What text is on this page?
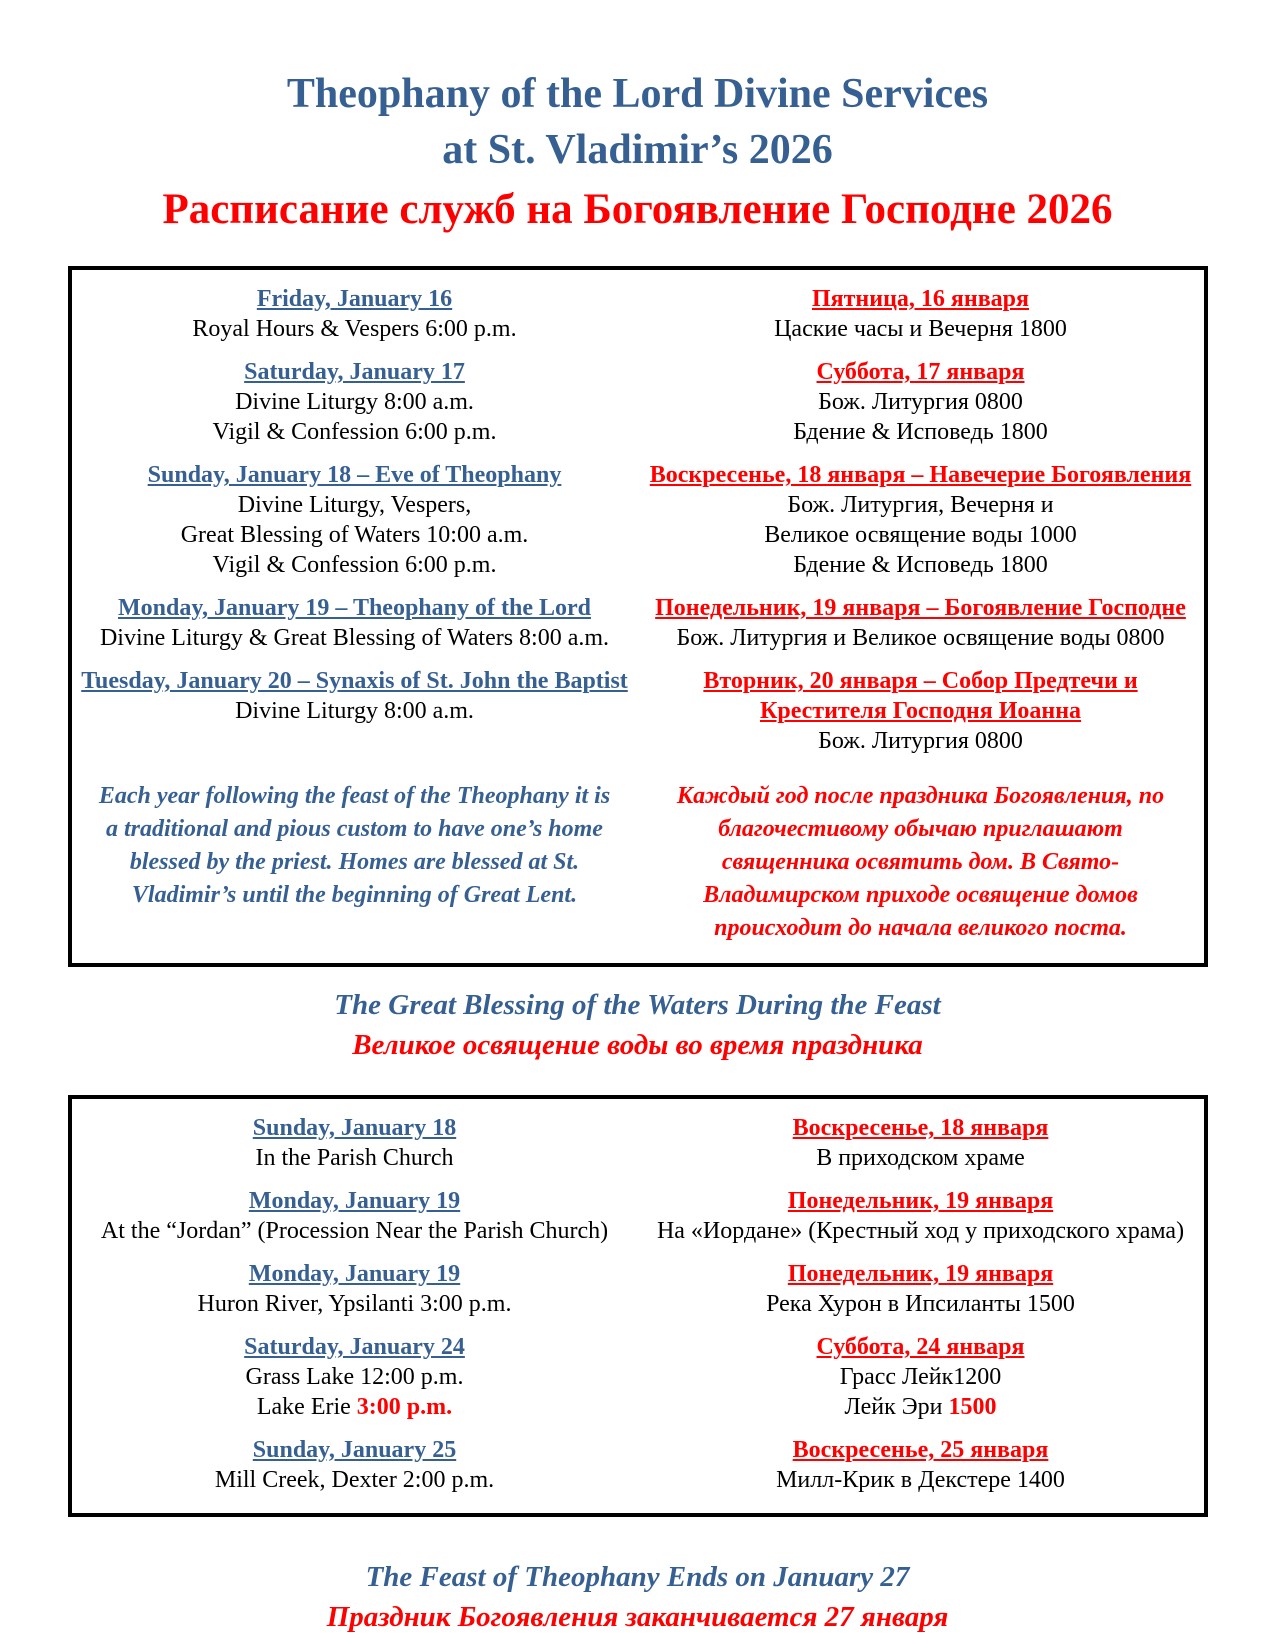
Theophany of the Lord Divine Services
at St. Vladimir’s 2026
Расписание служб на Богоявление Господне 2026
Friday, January 16
Royal Hours & Vespers 6:00 p.m.
Пятница, 16 января
Цаские часы и Вечерня 1800
Saturday, January 17
Divine Liturgy 8:00 a.m.
Vigil & Confession 6:00 p.m.
Суббота, 17 января
Бож. Литургия 0800
Бдение & Исповедь 1800
Sunday, January 18 – Eve of Theophany
Divine Liturgy, Vespers,
Great Blessing of Waters 10:00 a.m.
Vigil & Confession 6:00 p.m.
Воскресенье, 18 января – Навечерие Богоявления
Бож. Литургия, Вечерня и
Великое освящение воды 1000
Бдение & Исповедь 1800
Monday, January 19 – Theophany of the Lord
Divine Liturgy & Great Blessing of Waters 8:00 a.m.
Понедельник, 19 января – Богоявление Господне
Бож. Литургия и Великое освящение воды 0800
Tuesday, January 20 – Synaxis of St. John the Baptist
Divine Liturgy 8:00 a.m.
Вторник, 20 января – Собор Предтечи и Крестителя Господня Иоанна
Бож. Литургия 0800
Each year following the feast of the Theophany it is a traditional and pious custom to have one’s home blessed by the priest. Homes are blessed at St. Vladimir’s until the beginning of Great Lent.
Каждый год после праздника Богоявления, по благочестивому обычаю приглашают священника освятить дом. В Свято-Владимирском приходе освящение домов происходит до начала великого поста.
The Great Blessing of the Waters During the Feast
Великое освящение воды во время праздника
Sunday, January 18
In the Parish Church
Воскресенье, 18 января
В приходском храме
Monday, January 19
At the “Jordan” (Procession Near the Parish Church)
Понедельник, 19 января
На «Иордане» (Крестный ход у приходского храма)
Monday, January 19
Huron River, Ypsilanti 3:00 p.m.
Понедельник, 19 января
Река Хурон в Ипсиланты 1500
Saturday, January 24
Grass Lake 12:00 p.m.
Lake Erie 3:00 p.m.
Суббота, 24 января
Грасс Лейк1200
Лейк Эри 1500
Sunday, January 25
Mill Creek, Dexter 2:00 p.m.
Воскресенье, 25 января
Милл-Крик в Декстере 1400
The Feast of Theophany Ends on January 27
Праздник Богоявления заканчивается 27 января
